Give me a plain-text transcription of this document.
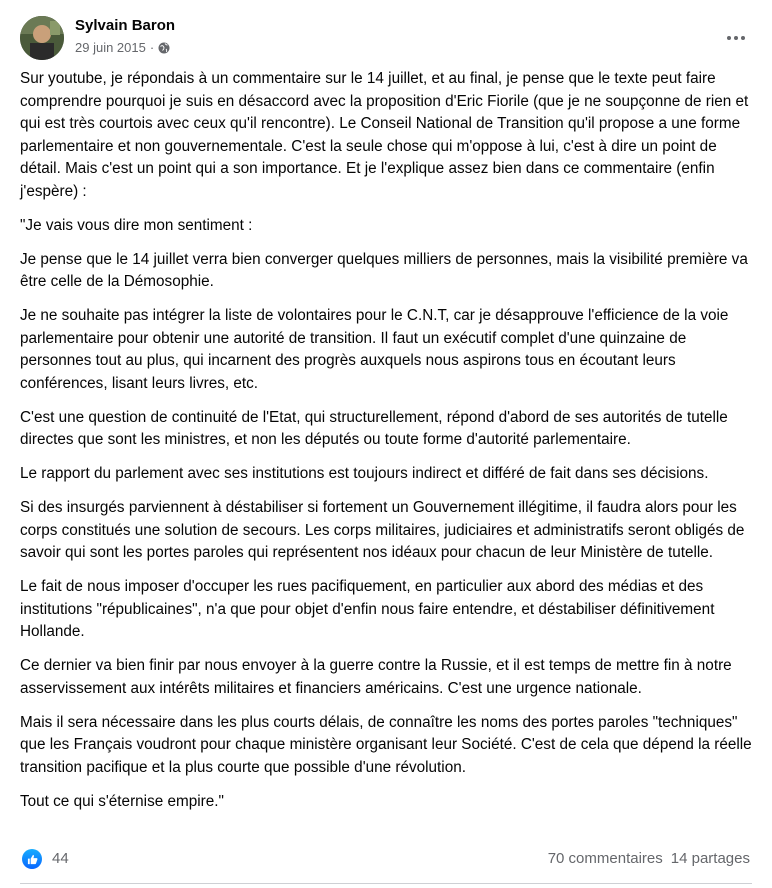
Sylvain Baron
29 juin 2015 ·

Sur youtube, je répondais à un commentaire sur le 14 juillet, et au final, je pense que le texte peut faire comprendre pourquoi je suis en désaccord avec la proposition d'Eric Fiorile (que je ne soupçonne de rien et qui est très courtois avec ceux qu'il rencontre). Le Conseil National de Transition qu'il propose a une forme parlementaire et non gouvernementale. C'est la seule chose qui m'oppose à lui, c'est à dire un point de détail. Mais c'est un point qui a son importance. Et je l'explique assez bien dans ce commentaire (enfin j'espère) :

"Je vais vous dire mon sentiment :

Je pense que le 14 juillet verra bien converger quelques milliers de personnes, mais la visibilité première va être celle de la Démosophie.

Je ne souhaite pas intégrer la liste de volontaires pour le C.N.T, car je désapprouve l'efficience de la voie parlementaire pour obtenir une autorité de transition. Il faut un exécutif complet d'une quinzaine de personnes tout au plus, qui incarnent des progrès auxquels nous aspirons tous en écoutant leurs conférences, lisant leurs livres, etc.

C'est une question de continuité de l'Etat, qui structurellement, répond d'abord de ses autorités de tutelle directes que sont les ministres, et non les députés ou toute forme d'autorité parlementaire.

Le rapport du parlement avec ses institutions est toujours indirect et différé de fait dans ses décisions.

Si des insurgés parviennent à déstabiliser si fortement un Gouvernement illégitime, il faudra alors pour les corps constitués une solution de secours. Les corps militaires, judiciaires et administratifs seront obligés de savoir qui sont les portes paroles qui représentent nos idéaux pour chacun de leur Ministère de tutelle.

Le fait de nous imposer d'occuper les rues pacifiquement, en particulier aux abord des médias et des institutions "républicaines", n'a que pour objet d'enfin nous faire entendre, et déstabiliser définitivement Hollande.

Ce dernier va bien finir par nous envoyer à la guerre contre la Russie, et il est temps de mettre fin à notre asservissement aux intérêts militaires et financiers américains. C'est une urgence nationale.

Mais il sera nécessaire dans les plus courts délais, de connaître les noms des portes paroles "techniques" que les Français voudront pour chaque ministère organisant leur Société. C'est de cela que dépend la réelle transition pacifique et la plus courte que possible d'une révolution.

Tout ce qui s'éternise empire."

44	70 commentaires 14 partages
